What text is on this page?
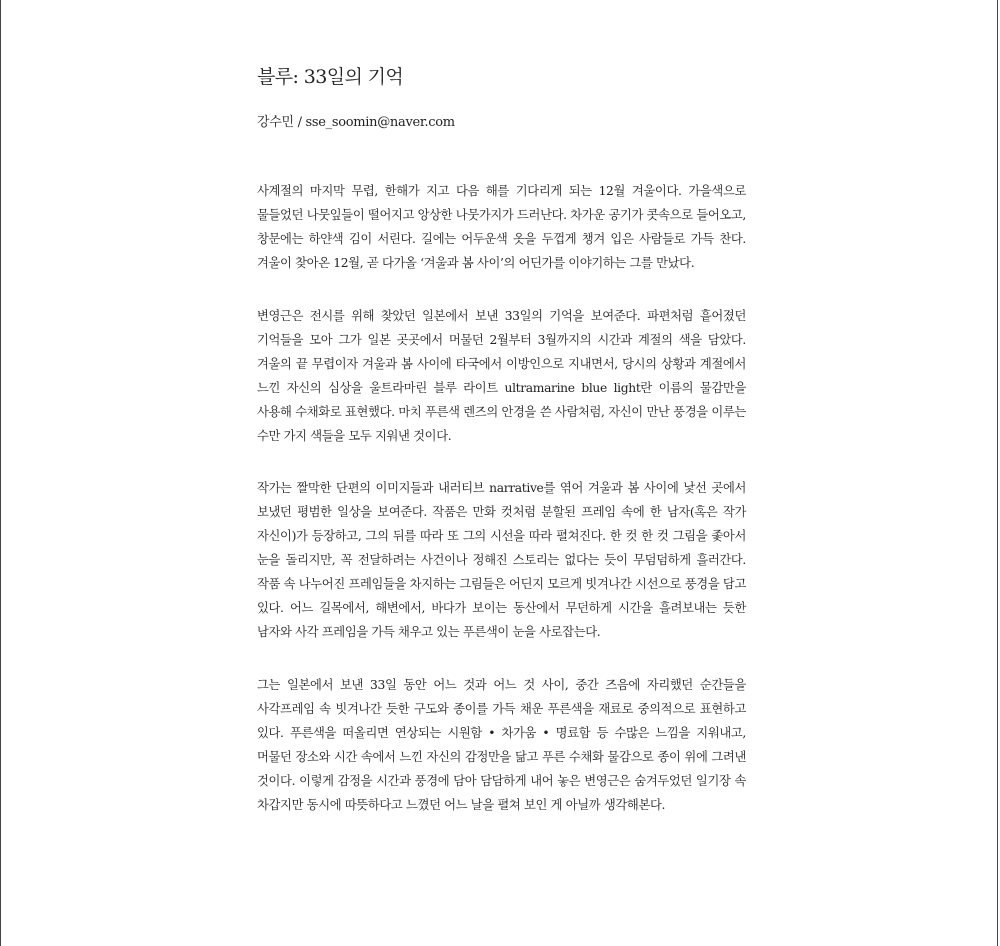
블루: 33일의 기억

강수민 / sse_soomin@naver.com

사계절의 마지막 무렵, 한해가 지고 다음 해를 기다리게 되는 12월 겨울이다. 가을색으로 물들었던 나뭇잎들이 떨어지고 앙상한 나뭇가지가 드러난다. 차가운 공기가 콧속으로 들어오고, 창문에는 하얀색 김이 서린다. 길에는 어두운색 옷을 두껍게 챙겨 입은 사람들로 가득 찬다. 겨울이 찾아온 12월, 곧 다가올 ‘겨울과 봄 사이’의 어딘가를 이야기하는 그를 만났다.

변영근은 전시를 위해 찾았던 일본에서 보낸 33일의 기억을 보여준다. 파편처럼 흩어졌던 기억들을 모아 그가 일본 곳곳에서 머물던 2월부터 3월까지의 시간과 계절의 색을 담았다. 겨울의 끝 무렵이자 겨울과 봄 사이에 타국에서 이방인으로 지내면서, 당시의 상황과 계절에서 느낀 자신의 심상을 울트라마린 블루 라이트 ultramarine blue light란 이름의 물감만을 사용해 수채화로 표현했다. 마치 푸른색 렌즈의 안경을 쓴 사람처럼, 자신이 만난 풍경을 이루는 수만 가지 색들을 모두 지워낸 것이다.

작가는 짤막한 단편의 이미지들과 내러티브 narrative를 엮어 겨울과 봄 사이에 낯선 곳에서 보냈던 평범한 일상을 보여준다. 작품은 만화 컷처럼 분할된 프레임 속에 한 남자(혹은 작가 자신이)가 등장하고, 그의 뒤를 따라 또 그의 시선을 따라 펼쳐진다. 한 컷 한 컷 그림을 좇아서 눈을 돌리지만, 꼭 전달하려는 사건이나 정해진 스토리는 없다는 듯이 무덤덤하게 흘러간다. 작품 속 나누어진 프레임들을 차지하는 그림들은 어딘지 모르게 빗겨나간 시선으로 풍경을 담고 있다. 어느 길목에서, 해변에서, 바다가 보이는 동산에서 무던하게 시간을 흘려보내는 듯한 남자와 사각 프레임을 가득 채우고 있는 푸른색이 눈을 사로잡는다.

그는 일본에서 보낸 33일 동안 어느 것과 어느 것 사이, 중간 즈음에 자리했던 순간들을 사각프레임 속 빗겨나간 듯한 구도와 종이를 가득 채운 푸른색을 재료로 중의적으로 표현하고 있다. 푸른색을 떠올리면 연상되는 시원함 • 차가움 • 명료함 등 수많은 느낌을 지워내고, 머물던 장소와 시간 속에서 느낀 자신의 감정만을 닮고 푸른 수채화 물감으로 종이 위에 그려낸 것이다. 이렇게 감정을 시간과 풍경에 담아 담담하게 내어 놓은 변영근은 숨겨두었던 일기장 속 차갑지만 동시에 따뜻하다고 느꼈던 어느 날을 펼쳐 보인 게 아닐까 생각해본다.
